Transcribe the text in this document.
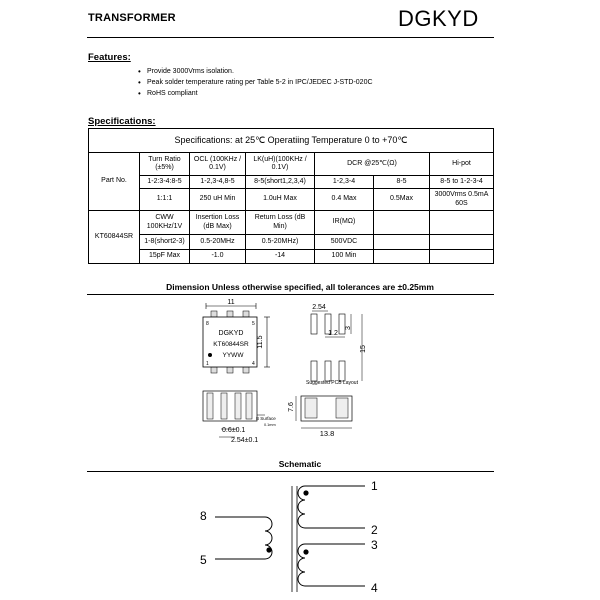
TRANSFORMER	DGKYD
Features:
• Provide 3000Vrms isolation.
• Peak solder temperature rating per Table 5-2 in IPC/JEDEC J-STD-020C
• RoHS compliant
Specifications:
Specifications: at 25℃ Operatiing Temperature 0 to +70℃						
Part No.	Turn Ratio (±5%)	OCL (100KHz / 0.1V)	LK(uH)(100KHz / 0.1V)	DCR @25℃(Ω)		Hi-pot
	1-2:3-4:8-5	1-2,3-4,8-5	8-5(short1,2,3,4)	1-2,3-4	8-5	8-5 to 1-2-3-4
	1:1:1	250 uH Min	1.0uH Max	0.4 Max	0.5Max	3000Vrms 0.5mA 60S
KT60844SR	CWW 100KHz/1V	Insertion Loss (dB Max)	Return Loss (dB Min)	IR(MΩ)		
	1-8(short2-3)	0.5-20MHz	0.5-20MHz)	500VDC		
	15pF Max	-1.0	-14	100 Min		
Dimension Unless otherwise specified, all tolerances are ±0.25mm
11
DGKYD
KT60844SR
YYWW
8	5
1	4
11.5
2.54
1.2
3
15
Suggested PCB Layout
B Surface
0.1mm
0.6±0.1
2.54±0.1
7.6
13.8
Schematic
8
5
1
2
3
4
